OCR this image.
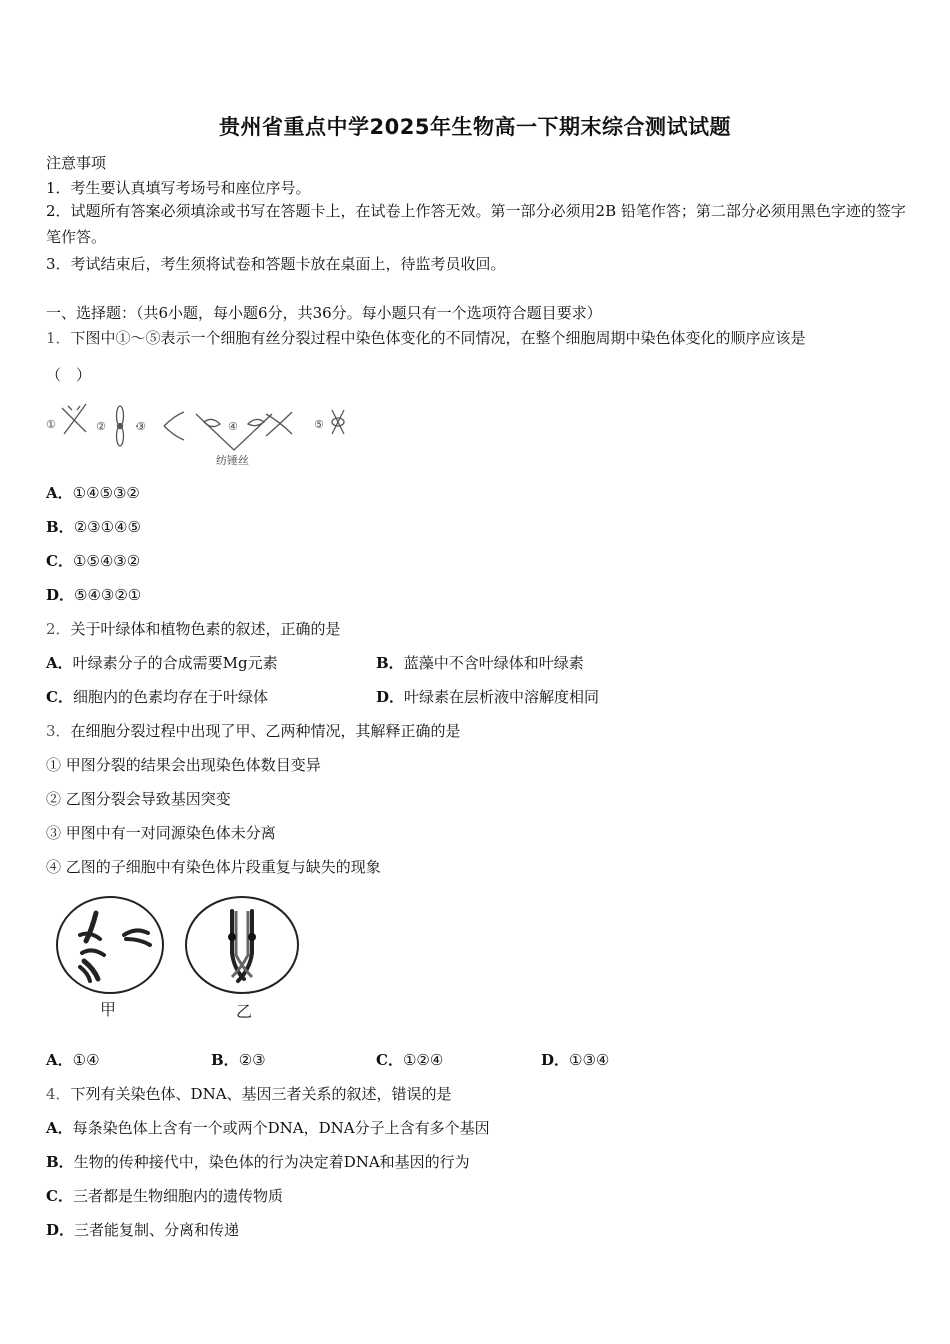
贵州省重点中学2025年生物高一下期末综合测试试题
注意事项
1．考生要认真填写考场号和座位序号。
2．试题所有答案必须填涂或书写在答题卡上，在试卷上作答无效。第一部分必须用2B 铅笔作答；第二部分必须用黑色字迹的签字笔作答。
3．考试结束后，考生须将试卷和答题卡放在桌面上，待监考员收回。
一、选择题：（共6小题，每小题6分，共36分。每小题只有一个选项符合题目要求）
1．下图中①～⑤表示一个细胞有丝分裂过程中染色体变化的不同情况，在整个细胞周期中染色体变化的顺序应该是
（　）
①	②	③	④	⑤
纺锤丝
A．①④⑤③②
B．②③①④⑤
C．①⑤④③②
D．⑤④③②①
2．关于叶绿体和植物色素的叙述，正确的是
A．叶绿素分子的合成需要Mg元素	B．蓝藻中不含叶绿体和叶绿素
C．细胞内的色素均存在于叶绿体	D．叶绿素在层析液中溶解度相同
3．在细胞分裂过程中出现了甲、乙两种情况，其解释正确的是
① 甲图分裂的结果会出现染色体数目变异
② 乙图分裂会导致基因突变
③ 甲图中有一对同源染色体未分离
④ 乙图的子细胞中有染色体片段重复与缺失的现象
甲	乙
A．①④	B．②③	C．①②④	D．①③④
4．下列有关染色体、DNA、基因三者关系的叙述，错误的是
A．每条染色体上含有一个或两个DNA，DNA分子上含有多个基因
B．生物的传种接代中，染色体的行为决定着DNA和基因的行为
C．三者都是生物细胞内的遗传物质
D．三者能复制、分离和传递
